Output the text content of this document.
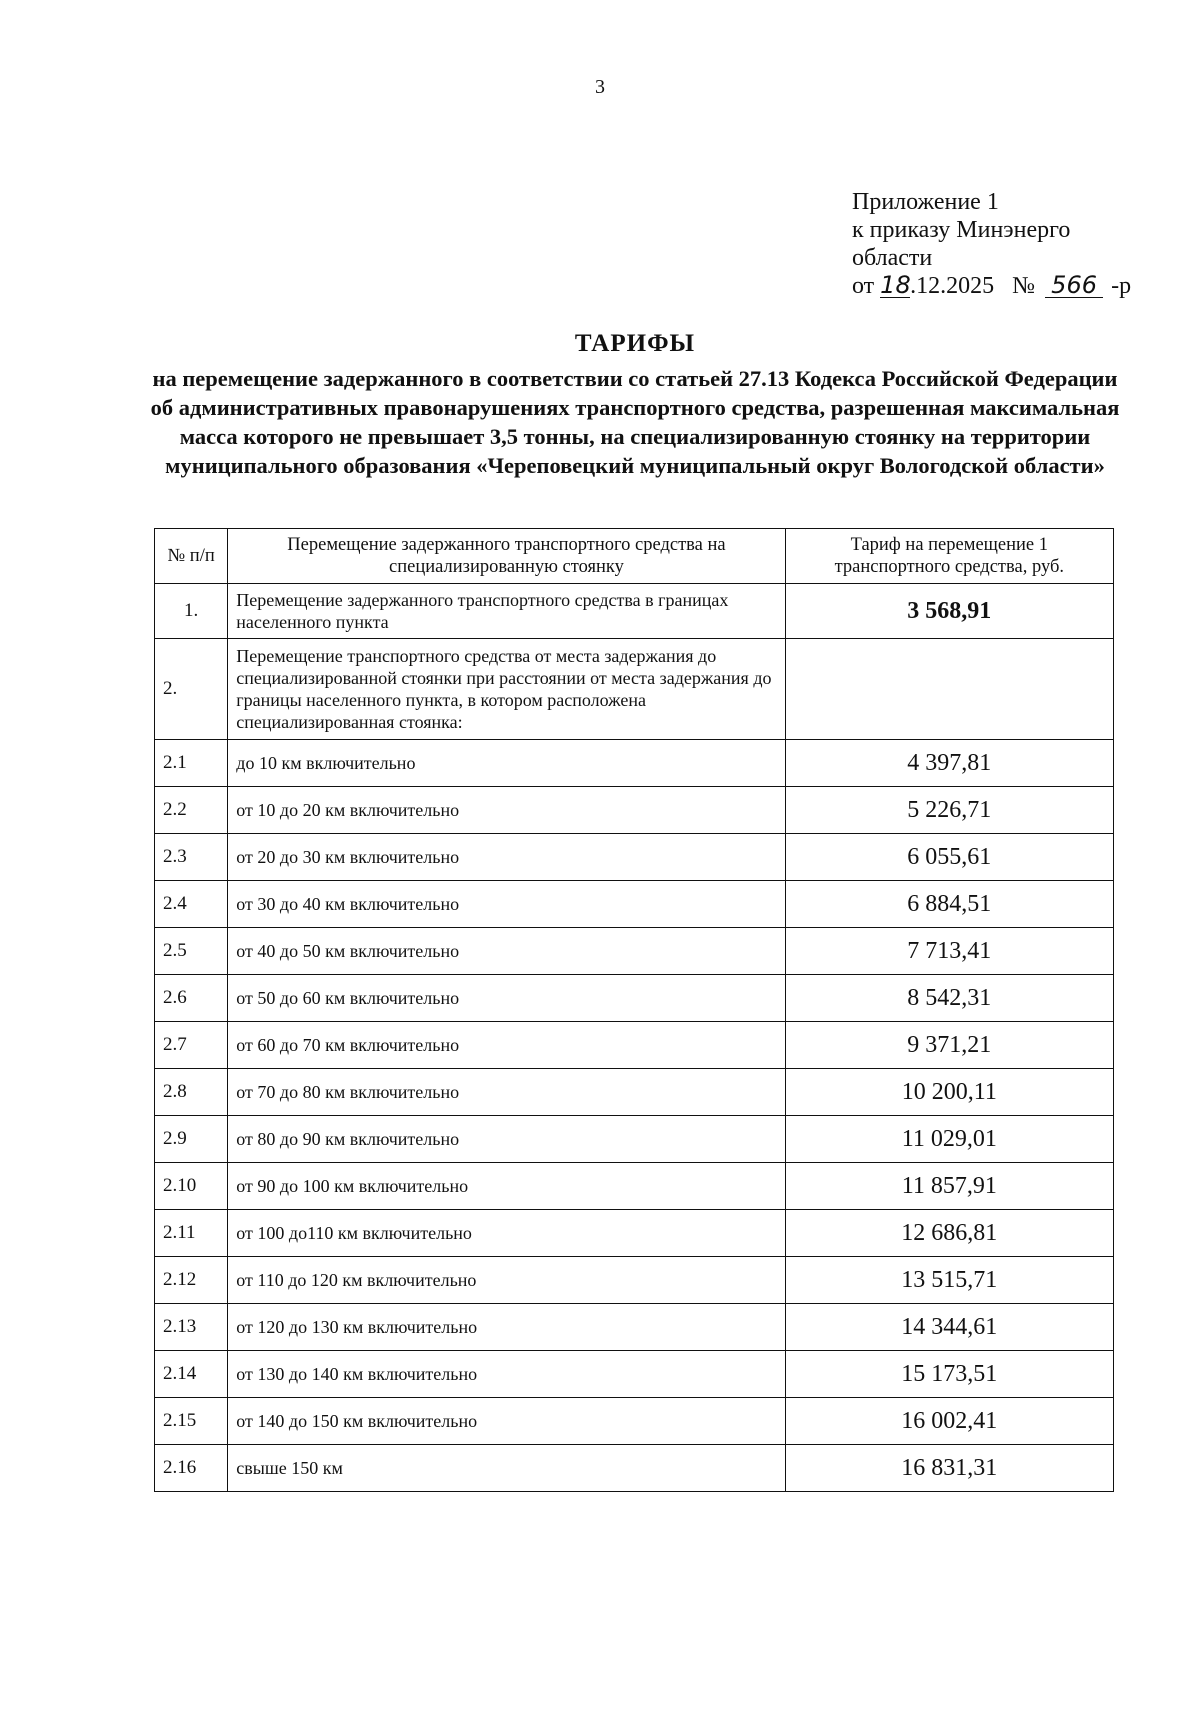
3
Приложение 1
к приказу Минэнерго
области
от 18.12.2025 № 566 -р
ТАРИФЫ
на перемещение задержанного в соответствии со статьей 27.13 Кодекса Российской Федерации об административных правонарушениях транспортного средства, разрешенная максимальная масса которого не превышает 3,5 тонны, на специализированную стоянку на территории муниципального образования «Череповецкий муниципальный округ Вологодской области»
№ п/п	Перемещение задержанного транспортного средства на специализированную стоянку	Тариф на перемещение 1 транспортного средства, руб.
1.	Перемещение задержанного транспортного средства в границах населенного пункта	3 568,91
2.	Перемещение транспортного средства от места задержания до специализированной стоянки при расстоянии от места задержания до границы населенного пункта, в котором расположена специализированная стоянка:	
2.1	до 10 км включительно	4 397,81
2.2	от 10 до 20 км включительно	5 226,71
2.3	от 20 до 30 км включительно	6 055,61
2.4	от 30 до 40 км включительно	6 884,51
2.5	от 40 до 50 км включительно	7 713,41
2.6	от 50 до 60 км включительно	8 542,31
2.7	от 60 до 70 км включительно	9 371,21
2.8	от 70 до 80 км включительно	10 200,11
2.9	от 80 до 90 км включительно	11 029,01
2.10	от 90 до 100 км включительно	11 857,91
2.11	от 100 до110 км включительно	12 686,81
2.12	от 110 до 120 км включительно	13 515,71
2.13	от 120 до 130 км включительно	14 344,61
2.14	от 130 до 140 км включительно	15 173,51
2.15	от 140 до 150 км включительно	16 002,41
2.16	свыше 150 км	16 831,31
